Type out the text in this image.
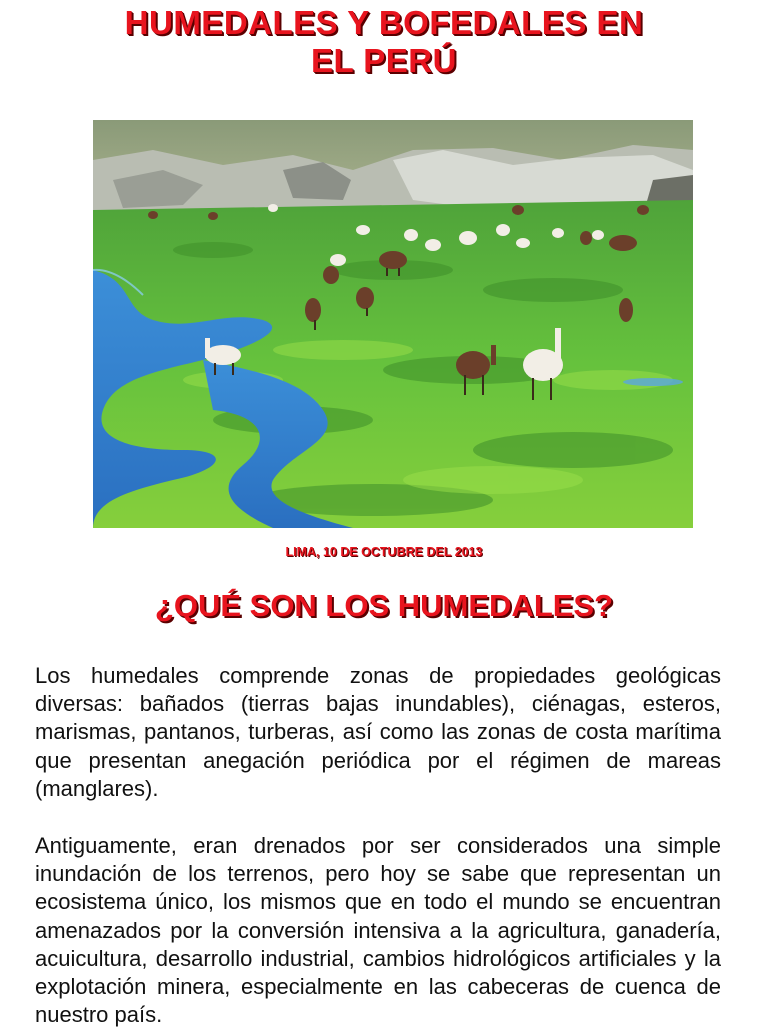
HUMEDALES Y BOFEDALES EN
EL PERÚ
LIMA, 10 DE OCTUBRE DEL 2013
¿QUÉ SON LOS HUMEDALES?

Los humedales comprende zonas de propiedades geológicas diversas: bañados (tierras bajas inundables), ciénagas, esteros, marismas, pantanos, turberas, así como las zonas de costa marítima que presentan anegación periódica por el régimen de mareas (manglares).

Antiguamente, eran drenados por ser considerados una simple inundación de los terrenos, pero hoy se sabe que representan un ecosistema único, los mismos que en todo el mundo se encuentran amenazados por la conversión intensiva a la agricultura, ganadería, acuicultura, desarrollo industrial, cambios hidrológicos artificiales y la explotación minera, especialmente en las cabeceras de cuenca de nuestro país.
